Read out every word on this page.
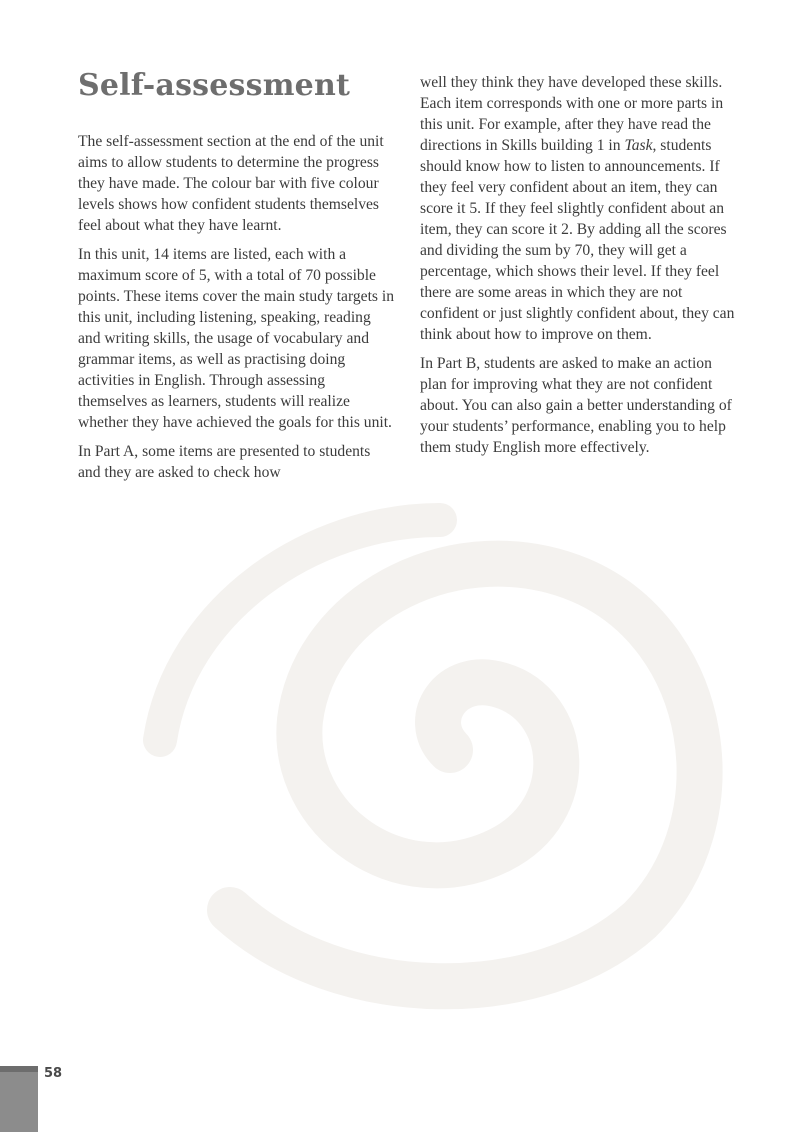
Self-assessment

The self-assessment section at the end of the unit aims to allow students to determine the progress they have made. The colour bar with five colour levels shows how confident students themselves feel about what they have learnt.

In this unit, 14 items are listed, each with a maximum score of 5, with a total of 70 possible points. These items cover the main study targets in this unit, including listening, speaking, reading and writing skills, the usage of vocabulary and grammar items, as well as practising doing activities in English. Through assessing themselves as learners, students will realize whether they have achieved the goals for this unit.

In Part A, some items are presented to students and they are asked to check how

well they think they have developed these skills. Each item corresponds with one or more parts in this unit. For example, after they have read the directions in Skills building 1 in Task, students should know how to listen to announcements. If they feel very confident about an item, they can score it 5. If they feel slightly confident about an item, they can score it 2. By adding all the scores and dividing the sum by 70, they will get a percentage, which shows their level. If they feel there are some areas in which they are not confident or just slightly confident about, they can think about how to improve on them.

In Part B, students are asked to make an action plan for improving what they are not confident about. You can also gain a better understanding of your students’ performance, enabling you to help them study English more effectively.

58
